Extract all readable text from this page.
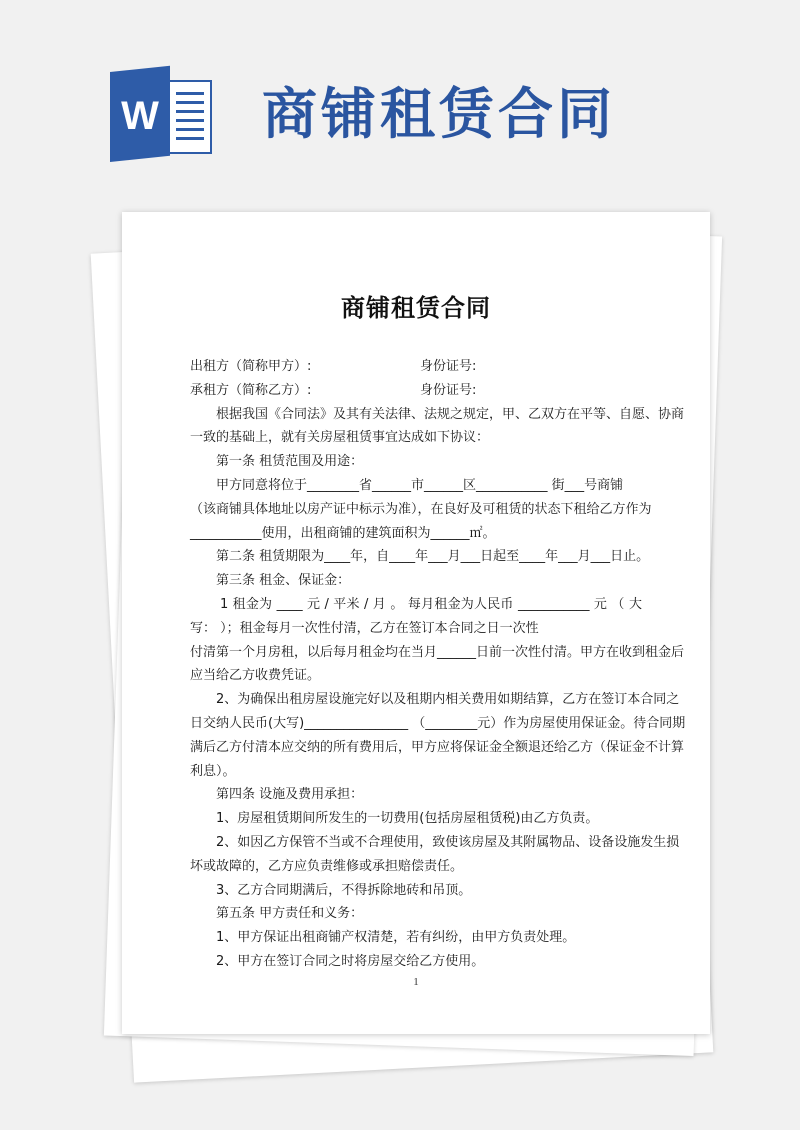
W 商铺租赁合同
商铺租赁合同

出租方（简称甲方）:	身份证号:

承租方（简称乙方）:	身份证号:

根据我国《合同法》及其有关法律、法规之规定，甲、乙双方在平等、自愿、协商

一致的基础上，就有关房屋租赁事宜达成如下协议：

第一条 租赁范围及用途：

甲方同意将位于________省______市______区___________ 街___号商铺

（该商铺具体地址以房产证中标示为准），在良好及可租赁的状态下租给乙方作为

___________使用，出租商铺的建筑面积为______㎡。

第二条 租赁期限为____年，自____年___月___日起至____年___月___日止。

第三条 租金、保证金：

1 租金为 ____ 元 / 平米 / 月 。 每月租金为人民币 ___________ 元 （ 大

写： ）；租金每月一次性付清，乙方在签订本合同之日一次性

付清第一个月房租，以后每月租金均在当月______日前一次性付清。甲方在收到租金后

应当给乙方收费凭证。

2、为确保出租房屋设施完好以及租期内相关费用如期结算，乙方在签订本合同之

日交纳人民币(大写)________________ （________元）作为房屋使用保证金。待合同期

满后乙方付清本应交纳的所有费用后，甲方应将保证金全额退还给乙方（保证金不计算

利息）。

第四条 设施及费用承担：

1、房屋租赁期间所发生的一切费用(包括房屋租赁税)由乙方负责。

2、如因乙方保管不当或不合理使用，致使该房屋及其附属物品、设备设施发生损

坏或故障的，乙方应负责维修或承担赔偿责任。

3、乙方合同期满后，不得拆除地砖和吊顶。

第五条 甲方责任和义务：

1、甲方保证出租商铺产权清楚，若有纠纷，由甲方负责处理。

2、甲方在签订合同之时将房屋交给乙方使用。

1
